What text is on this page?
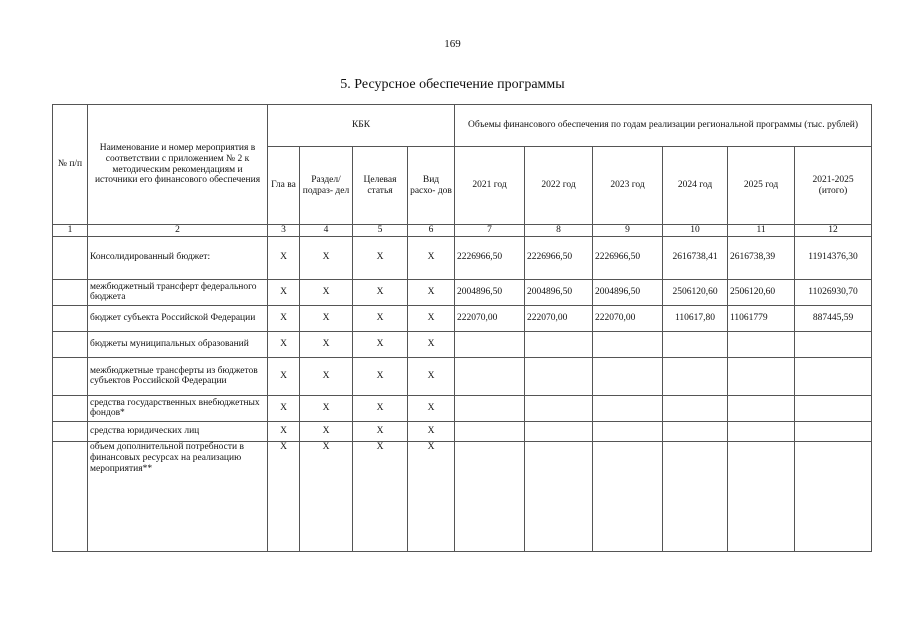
169
5. Ресурсное обеспечение программы
№ п/п	Наименование и номер мероприятия в соответствии с приложением № 2 к методическим рекомендациям и источники его финансового обеспечения	КБК				Объемы финансового обеспечения по годам реализации региональной программы (тыс. рублей)					
		Гла ва	Раздел/ подраз- дел	Целевая статья	Вид расхо- дов	2021 год	2022 год	2023 год	2024 год	2025 год	2021-2025 (итого)
1	2	3	4	5	6	7	8	9	10	11	12
	Консолидированный бюджет:	Х	Х	Х	Х	2226966,50	2226966,50	2226966,50	2616738,41	2616738,39	11914376,30
	межбюджетный трансферт федерального бюджета	Х	Х	Х	Х	2004896,50	2004896,50	2004896,50	2506120,60	2506120,60	11026930,70
	бюджет субъекта Российской Федерации	Х	Х	Х	Х	222070,00	222070,00	222070,00	110617,80	11061779	887445,59
	бюджеты муниципальных образований	Х	Х	Х	Х						
	межбюджетные трансферты из бюджетов субъектов Российской Федерации	Х	Х	Х	Х						
	средства государственных внебюджетных фондов*	Х	Х	Х	Х						
	средства юридических лиц	Х	Х	Х	Х						
	объем дополнительной потребности в финансовых ресурсах на реализацию мероприятия**	Х	Х	Х	Х						
